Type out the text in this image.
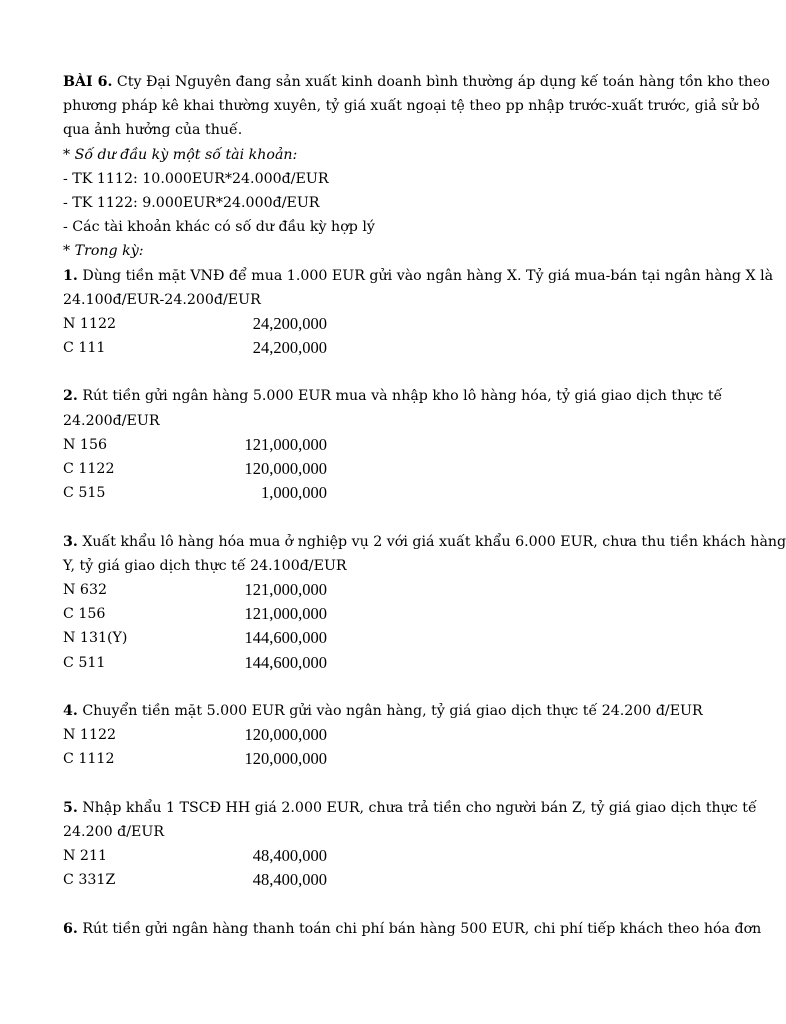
BÀI 6. Cty Đại Nguyên đang sản xuất kinh doanh bình thường áp dụng kế toán hàng tồn kho theo
phương pháp kê khai thường xuyên, tỷ giá xuất ngoại tệ theo pp nhập trước-xuất trước, giả sử bỏ
qua ảnh hưởng của thuế.
* Số dư đầu kỳ một số tài khoản:
- TK 1112: 10.000EUR*24.000đ/EUR
- TK 1122: 9.000EUR*24.000đ/EUR
- Các tài khoản khác có số dư đầu kỳ hợp lý
* Trong kỳ:
1. Dùng tiền mặt VNĐ để mua 1.000 EUR gửi vào ngân hàng X. Tỷ giá mua-bán tại ngân hàng X là
24.100đ/EUR-24.200đ/EUR
N 1122	24,200,000
C 111	24,200,000
2. Rút tiền gửi ngân hàng 5.000 EUR mua và nhập kho lô hàng hóa, tỷ giá giao dịch thực tế
24.200đ/EUR
N 156	121,000,000
C 1122	120,000,000
C 515	1,000,000
3. Xuất khẩu lô hàng hóa mua ở nghiệp vụ 2 với giá xuất khẩu 6.000 EUR, chưa thu tiền khách hàng
Y, tỷ giá giao dịch thực tế 24.100đ/EUR
N 632	121,000,000
C 156	121,000,000
N 131(Y)	144,600,000
C 511	144,600,000
4. Chuyển tiền mặt 5.000 EUR gửi vào ngân hàng, tỷ giá giao dịch thực tế 24.200 đ/EUR
N 1122	120,000,000
C 1112	120,000,000
5. Nhập khẩu 1 TSCĐ HH giá 2.000 EUR, chưa trả tiền cho người bán Z, tỷ giá giao dịch thực tế
24.200 đ/EUR
N 211	48,400,000
C 331Z	48,400,000
6. Rút tiền gửi ngân hàng thanh toán chi phí bán hàng 500 EUR, chi phí tiếp khách theo hóa đơn
